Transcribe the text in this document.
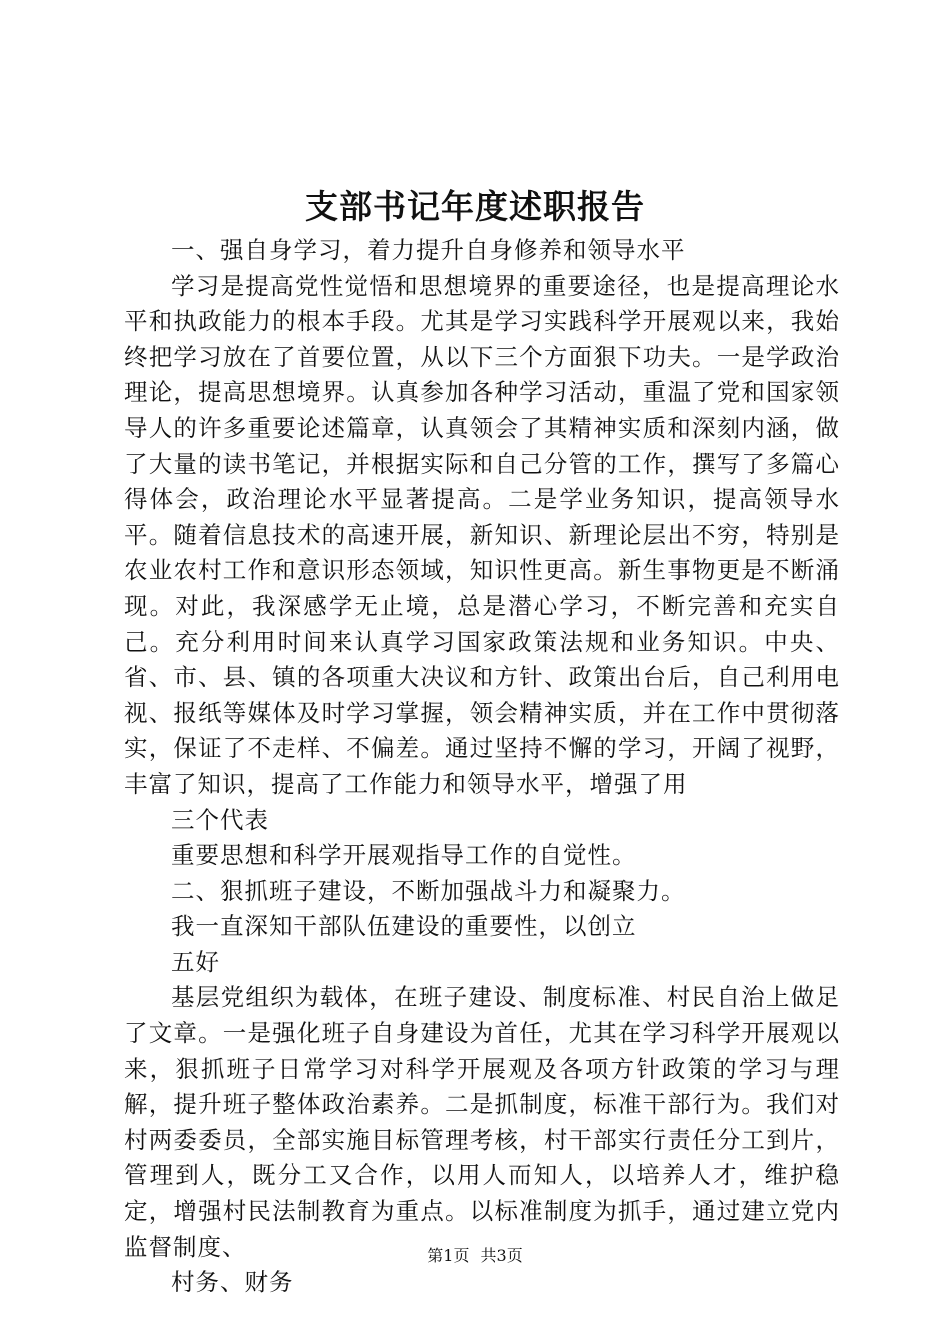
支部书记年度述职报告

一、强自身学习，着力提升自身修养和领导水平

学习是提高党性觉悟和思想境界的重要途径，也是提高理论水平和执政能力的根本手段。尤其是学习实践科学开展观以来，我始终把学习放在了首要位置，从以下三个方面狠下功夫。一是学政治理论，提高思想境界。认真参加各种学习活动，重温了党和国家领导人的许多重要论述篇章，认真领会了其精神实质和深刻内涵，做了大量的读书笔记，并根据实际和自己分管的工作，撰写了多篇心得体会，政治理论水平显著提高。二是学业务知识，提高领导水平。随着信息技术的高速开展，新知识、新理论层出不穷，特别是农业农村工作和意识形态领域，知识性更高。新生事物更是不断涌现。对此，我深感学无止境，总是潜心学习，不断完善和充实自己。充分利用时间来认真学习国家政策法规和业务知识。中央、省、市、县、镇的各项重大决议和方针、政策出台后，自己利用电视、报纸等媒体及时学习掌握，领会精神实质，并在工作中贯彻落实，保证了不走样、不偏差。通过坚持不懈的学习，开阔了视野，丰富了知识，提高了工作能力和领导水平，增强了用

三个代表

重要思想和科学开展观指导工作的自觉性。

二、狠抓班子建设，不断加强战斗力和凝聚力。

我一直深知干部队伍建设的重要性，以创立

五好

基层党组织为载体，在班子建设、制度标准、村民自治上做足了文章。一是强化班子自身建设为首任，尤其在学习科学开展观以来，狠抓班子日常学习对科学开展观及各项方针政策的学习与理解，提升班子整体政治素养。二是抓制度，标准干部行为。我们对村两委委员，全部实施目标管理考核，村干部实行责任分工到片，管理到人，既分工又合作，以用人而知人，以培养人才，维护稳定，增强村民法制教育为重点。以标准制度为抓手，通过建立党内监督制度、

村务、财务

第1页 共3页
